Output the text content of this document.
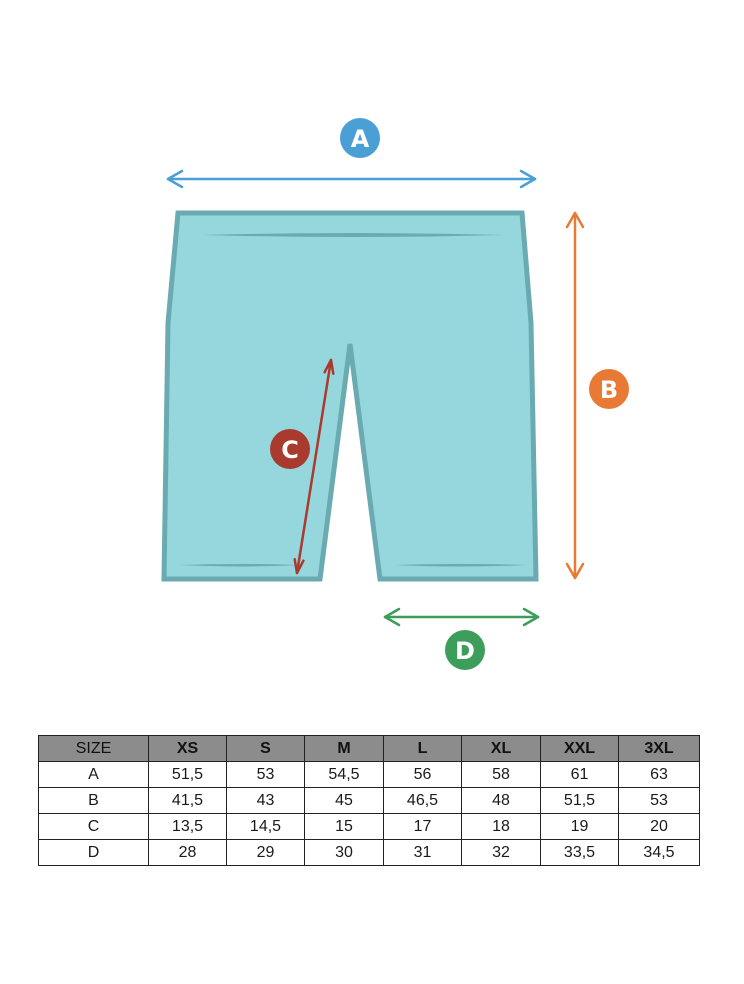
A
B
C
D
SIZE	XS	S	M	L	XL	XXL	3XL
A	51,5	53	54,5	56	58	61	63
B	41,5	43	45	46,5	48	51,5	53
C	13,5	14,5	15	17	18	19	20
D	28	29	30	31	32	33,5	34,5
